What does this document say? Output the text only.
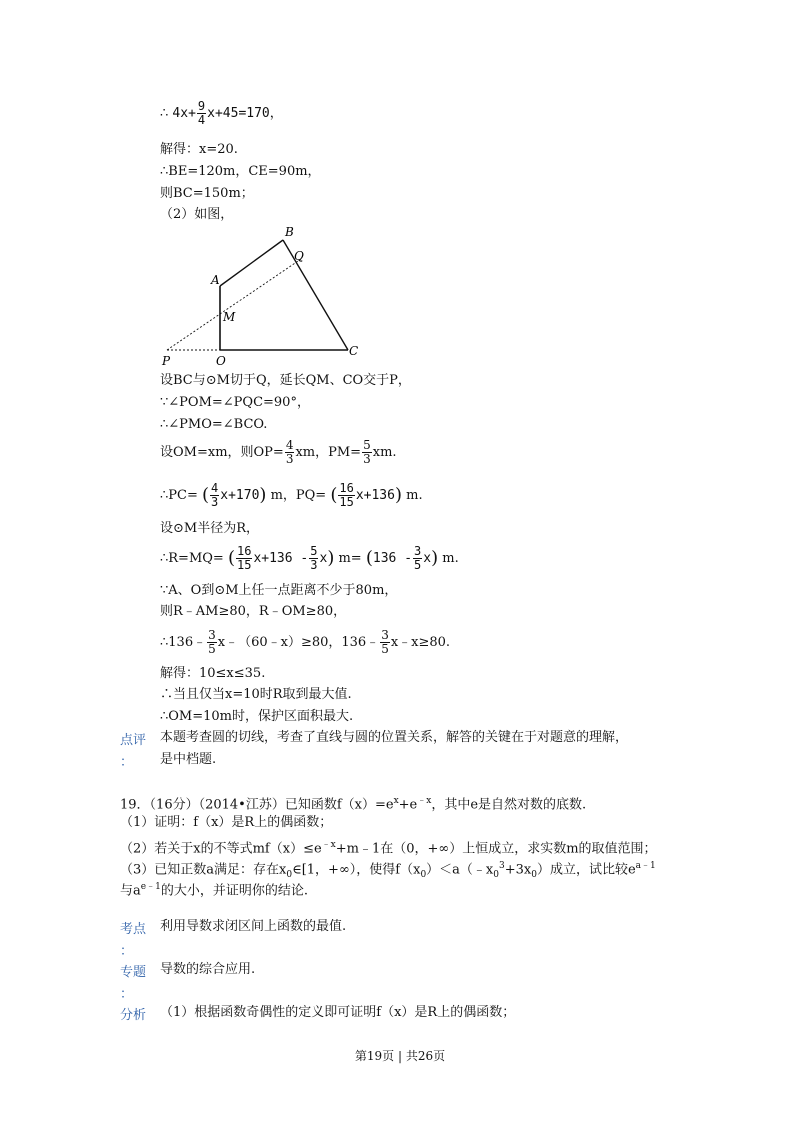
∴ $4x+ \frac{9}{4} x+45=170$，
解得：x=20.
∴BE=120m，CE=90m，
则BC=150m；
（2）如图，
B
Q
A
M
P	O
C
设BC与⊙M切于Q，延长QM、CO交于P，
∵∠POM=∠PQC=90°，
∴∠PMO=∠BCO.
设OM=xm，则$OP= \frac{4}{3}$ xm，$PM= \frac{5}{3}$ xm.
∴PC= ( $\frac{4}{3} x+170$) m，PQ= ( $\frac{16}{15} x+136$) m.
设⊙M半径为R，
∴R=MQ= ( $\frac{16}{15} x+136 - \frac{5}{3} x$) $m= (136 - \frac{3}{5} x)$ m.
∵A、O到⊙M上任一点距离不少于80m，
则R﹣AM≥80，R﹣OM≥80，
∴136﹣ $\frac{3}{5}$ x﹣（60﹣x）≥80，136﹣ $\frac{3}{5}$ x﹣x≥80.
解得：10≤x≤35.
∴当且仅当x=10时R取到最大值.
∴OM=10m时，保护区面积最大.
点评
：
本题考查圆的切线，考查了直线与圆的位置关系，解答的关键在于对题意的理解，
是中档题.
19．（16分）（2014•江苏）已知函数$f(x)=e^x+e^{﹣x}$，其中e是自然对数的底数.
（1）证明：f（x）是R上的偶函数；
（2）若关于x的不等式$mf(x)\le e^{﹣x}+m﹣1$在（0，+∞）上恒成立，求实数m的取值范围；
（3）已知正数a满足：存在$x_0\in[1$，+∞），使得$f(x_0)<a(﹣x_0^3+3x_0)$成立，试比较$e^{a﹣1}$
与$a^{e﹣1}$的大小，并证明你的结论.
考点
：
利用导数求闭区间上函数的最值.
专题
：
导数的综合应用.
分析 （1）根据函数奇偶性的定义即可证明f（x）是R上的偶函数；
第19页 | 共26页
